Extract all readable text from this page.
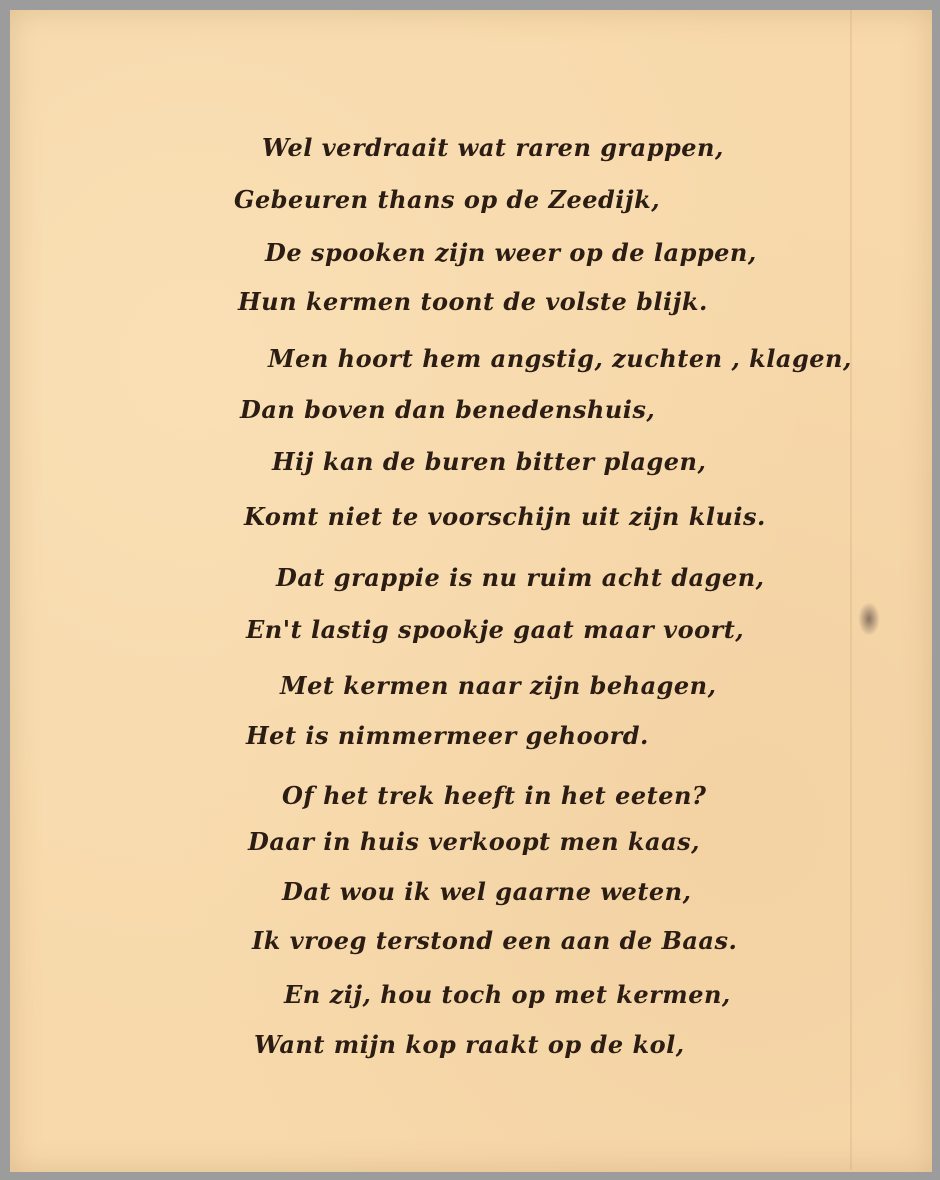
Wel verdraait wat raren grappen,

Gebeuren thans op de Zeedijk,

De spooken zijn weer op de lappen,

Hun kermen toont de volste blijk.

Men hoort hem angstig, zuchten , klagen,

Dan boven dan benedenshuis,

Hij kan de buren bitter plagen,

Komt niet te voorschijn uit zijn kluis.

Dat grappie is nu ruim acht dagen,

En't lastig spookje gaat maar voort,

Met kermen naar zijn behagen,

Het is nimmermeer gehoord.

Of het trek heeft in het eeten?

Daar in huis verkoopt men kaas,

Dat wou ik wel gaarne weten,

Ik vroeg terstond een aan de Baas.

En zij, hou toch op met kermen,

Want mijn kop raakt op de kol,
